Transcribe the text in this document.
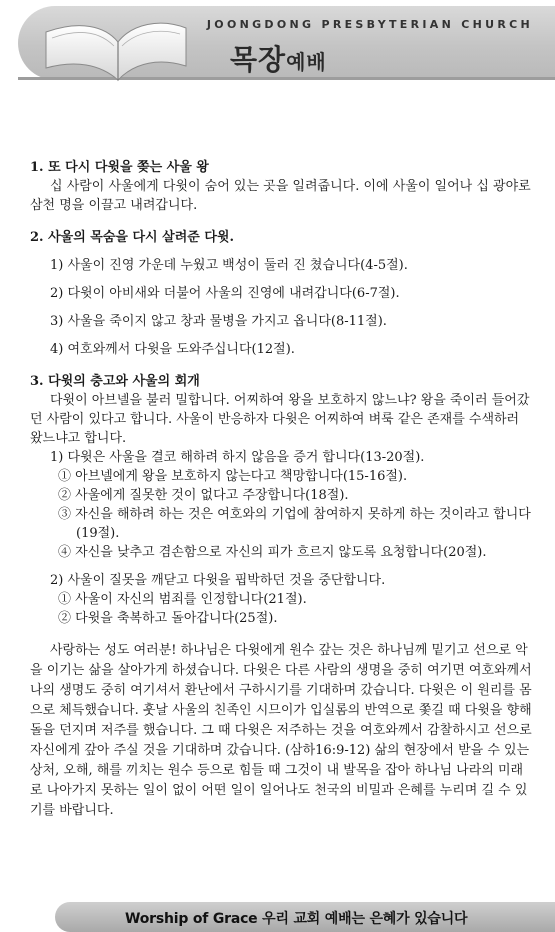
JOONGDONG PRESBYTERIAN CHURCH
목장예배

1. 또 다시 다윗을 쫒는 사울 왕

십 사람이 사울에게 다윗이 숨어 있는 곳을 일려줍니다. 이에 사울이 일어나 십 광야로 삼천 명을 이끌고 내려갑니다.

2. 사울의 목숨을 다시 살려준 다윗.

1) 사울이 진영 가운데 누웠고 백성이 둘러 진 쳤습니다(4-5절).

2) 다윗이 아비새와 더불어 사울의 진영에 내려갑니다(6-7절).

3) 사울을 죽이지 않고 창과 물병을 가지고 옵니다(8-11절).

4) 여호와께서 다윗을 도와주십니다(12절).

3. 다윗의 충고와 사울의 회개

다윗이 아브넬을 불러 밀합니다. 어찌하여 왕을 보호하지 않느냐? 왕을 죽이러 들어갔던 사람이 있다고 합니다. 사울이 반응하자 다윗은 어찌하여 벼룩 같은 존재를 수색하러 왔느냐고 합니다.

1) 다윗은 사울을 결코 해하려 하지 않음을 증거 합니다(13-20절).

① 아브넬에게 왕을 보호하지 않는다고 책망합니다(15-16절).

② 사울에게 질못한 것이 없다고 주장합니다(18절).

③ 자신을 해하려 하는 것은 여호와의 기업에 참여하지 못하게 하는 것이라고 합니다(19절).

④ 자신을 낮추고 겸손함으로 자신의 피가 흐르지 않도록 요청합니다(20절).

2) 사울이 질못을 깨닫고 다윗을 핍박하던 것을 중단합니다.

① 사울이 자신의 범죄를 인정합니다(21절).

② 다윗을 축복하고 돌아갑니다(25절).

사랑하는 성도 여러분! 하나님은 다윗에게 원수 갚는 것은 하나님께 밑기고 선으로 악을 이기는 삶을 살아가게 하셨습니다. 다윗은 다른 사람의 생명을 중히 여기면 여호와께서 나의 생명도 중히 여기셔서 환난에서 구하시기를 기대하며 갔습니다. 다윗은 이 원리를 몸으로 체득했습니다. 훗날 사울의 친족인 시므이가 입실롬의 반역으로 쫓길 때 다윗을 향해 돌을 던지며 저주를 했습니다. 그 때 다윗은 저주하는 것을 여호와께서 감찰하시고 선으로 자신에게 갚아 주실 것을 기대하며 갔습니다. (삼하16:9-12) 삶의 현장에서 받을 수 있는 상처, 오해, 해를 끼치는 원수 등으로 힘들 때 그것이 내 발목을 잡아 하나님 나라의 미래로 나아가지 못하는 일이 없이 어떤 일이 일어나도 천국의 비밀과 은혜를 누리며 길 수 있기를 바랍니다.

Worship of Grace 우리 교회 예배는 은혜가 있습니다
